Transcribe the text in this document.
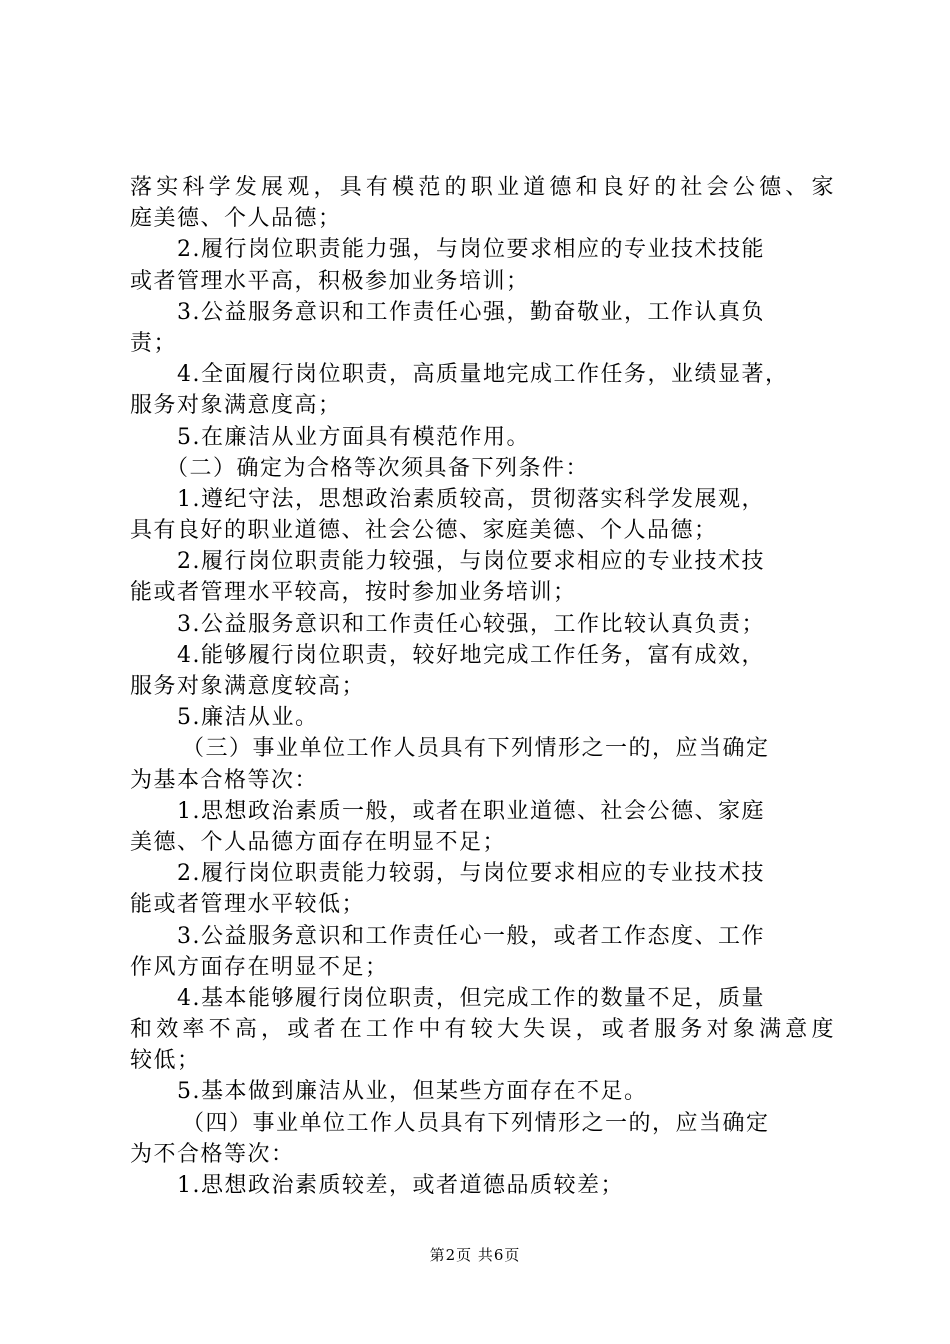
落实科学发展观，具有模范的职业道德和良好的社会公德、家
庭美德、个人品德；
2.履行岗位职责能力强，与岗位要求相应的专业技术技能
或者管理水平高，积极参加业务培训；
3.公益服务意识和工作责任心强，勤奋敬业，工作认真负
责；
4.全面履行岗位职责，高质量地完成工作任务，业绩显著，
服务对象满意度高；
5.在廉洁从业方面具有模范作用。
（二）确定为合格等次须具备下列条件：
1.遵纪守法，思想政治素质较高，贯彻落实科学发展观，
具有良好的职业道德、社会公德、家庭美德、个人品德；
2.履行岗位职责能力较强，与岗位要求相应的专业技术技
能或者管理水平较高，按时参加业务培训；
3.公益服务意识和工作责任心较强，工作比较认真负责；
4.能够履行岗位职责，较好地完成工作任务，富有成效，
服务对象满意度较高；
5.廉洁从业。
（三）事业单位工作人员具有下列情形之一的，应当确定
为基本合格等次：
1.思想政治素质一般，或者在职业道德、社会公德、家庭
美德、个人品德方面存在明显不足；
2.履行岗位职责能力较弱，与岗位要求相应的专业技术技
能或者管理水平较低；
3.公益服务意识和工作责任心一般，或者工作态度、工作
作风方面存在明显不足；
4.基本能够履行岗位职责，但完成工作的数量不足，质量
和效率不高，或者在工作中有较大失误，或者服务对象满意度
较低；
5.基本做到廉洁从业，但某些方面存在不足。
（四）事业单位工作人员具有下列情形之一的，应当确定
为不合格等次：
1.思想政治素质较差，或者道德品质较差；
第2页 共6页
